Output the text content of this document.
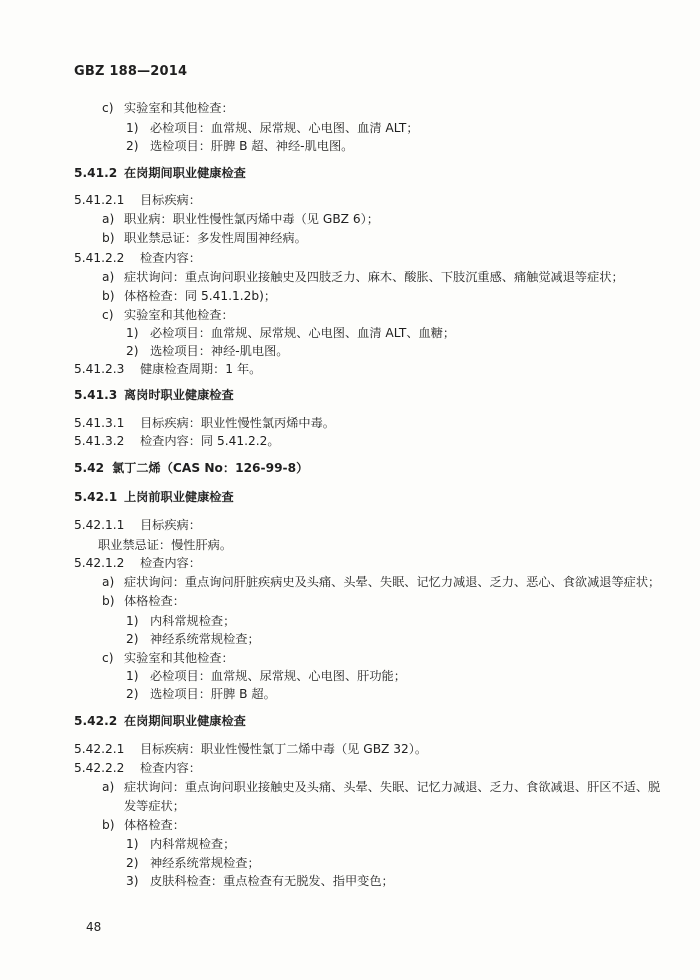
GBZ 188—2014
c) 实验室和其他检查：
1) 必检项目：血常规、尿常规、心电图、血清 ALT；
2) 选检项目：肝脾 B 超、神经-肌电图。
5.41.2 在岗期间职业健康检查
5.41.2.1 目标疾病：
a) 职业病：职业性慢性氯丙烯中毒（见 GBZ 6）；
b) 职业禁忌证：多发性周围神经病。
5.41.2.2 检查内容：
a) 症状询问：重点询问职业接触史及四肢乏力、麻木、酸胀、下肢沉重感、痛触觉减退等症状；
b) 体格检查：同 5.41.1.2b)；
c) 实验室和其他检查：
1) 必检项目：血常规、尿常规、心电图、血清 ALT、血糖；
2) 选检项目：神经-肌电图。
5.41.2.3 健康检查周期：1 年。
5.41.3 离岗时职业健康检查
5.41.3.1 目标疾病：职业性慢性氯丙烯中毒。
5.41.3.2 检查内容：同 5.41.2.2。
5.42 氯丁二烯（CAS No：126-99-8）
5.42.1 上岗前职业健康检查
5.42.1.1 目标疾病：
职业禁忌证：慢性肝病。
5.42.1.2 检查内容：
a) 症状询问：重点询问肝脏疾病史及头痛、头晕、失眠、记忆力减退、乏力、恶心、食欲减退等症状；
b) 体格检查：
1) 内科常规检查；
2) 神经系统常规检查；
c) 实验室和其他检查：
1) 必检项目：血常规、尿常规、心电图、肝功能；
2) 选检项目：肝脾 B 超。
5.42.2 在岗期间职业健康检查
5.42.2.1 目标疾病：职业性慢性氯丁二烯中毒（见 GBZ 32）。
5.42.2.2 检查内容：
a) 症状询问：重点询问职业接触史及头痛、头晕、失眠、记忆力减退、乏力、食欲减退、肝区不适、脱
发等症状；
b) 体格检查：
1) 内科常规检查；
2) 神经系统常规检查；
3) 皮肤科检查：重点检查有无脱发、指甲变色；
48
